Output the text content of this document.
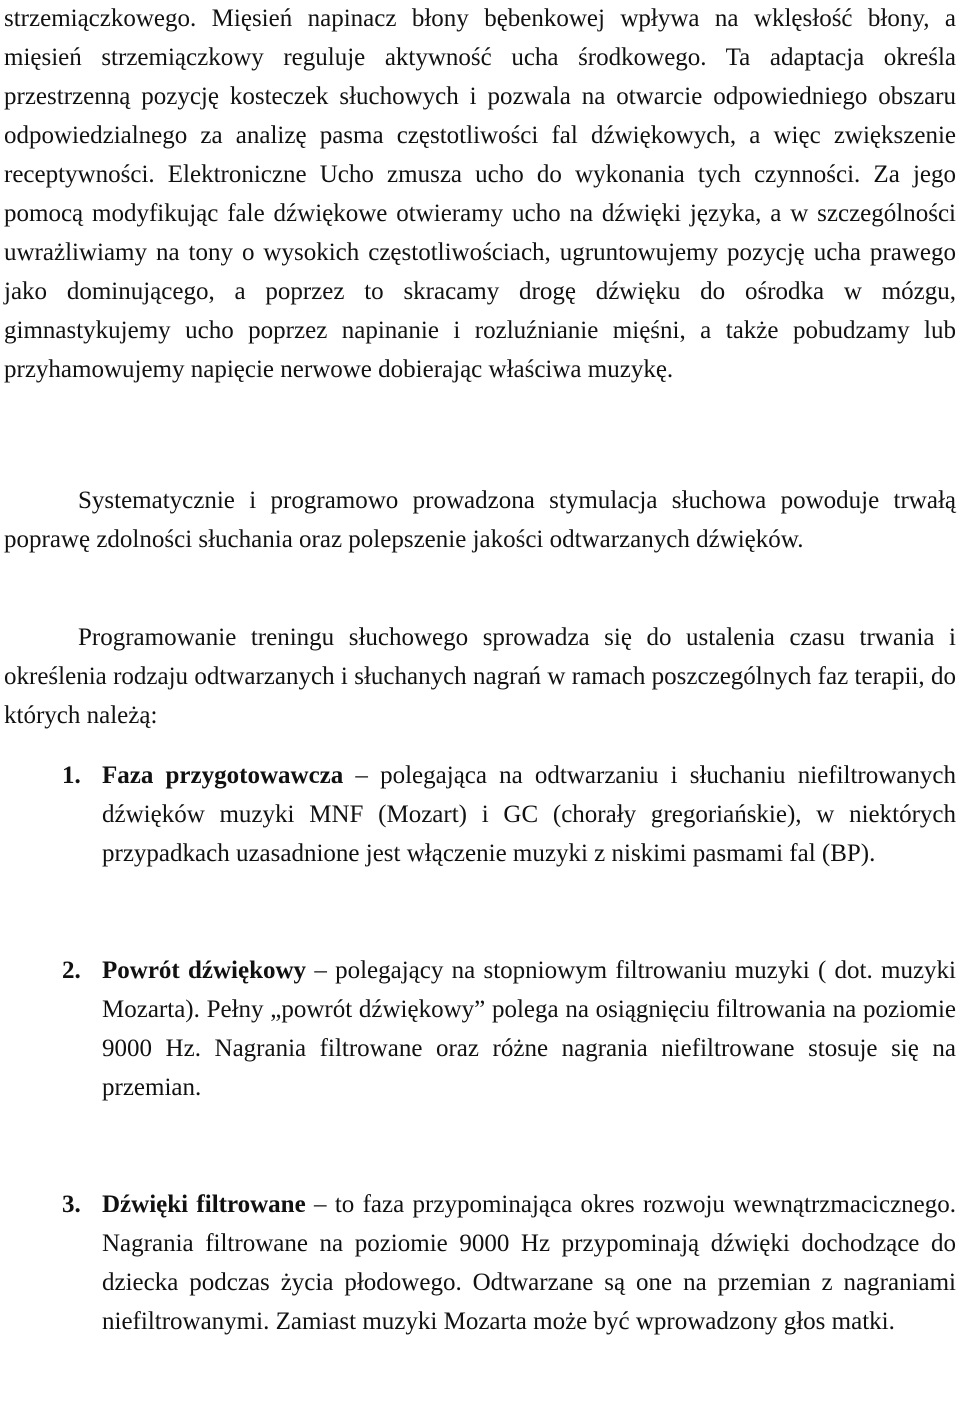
strzemiączkowego. Mięsień napinacz błony bębenkowej wpływa na wklęsłość błony, a mięsień strzemiączkowy reguluje aktywność ucha środkowego. Ta adaptacja określa przestrzenną pozycję kosteczek słuchowych i pozwala na otwarcie odpowiedniego obszaru odpowiedzialnego za analizę pasma częstotliwości fal dźwiękowych, a więc zwiększenie receptywności. Elektroniczne Ucho zmusza ucho do wykonania tych czynności. Za jego pomocą modyfikując fale dźwiękowe otwieramy ucho na dźwięki języka, a w szczególności uwrażliwiamy na tony o wysokich częstotliwościach, ugruntowujemy pozycję ucha prawego jako dominującego, a poprzez to skracamy drogę dźwięku do ośrodka w mózgu, gimnastykujemy ucho poprzez napinanie i rozluźnianie mięśni, a także pobudzamy lub przyhamowujemy napięcie nerwowe dobierając właściwa muzykę.

Systematycznie i programowo prowadzona stymulacja słuchowa powoduje trwałą poprawę zdolności słuchania oraz polepszenie jakości odtwarzanych dźwięków.

Programowanie treningu słuchowego sprowadza się do ustalenia czasu trwania i określenia rodzaju odtwarzanych i słuchanych nagrań w ramach poszczególnych faz terapii, do których należą:

1. Faza przygotowawcza – polegająca na odtwarzaniu i słuchaniu niefiltrowanych dźwięków muzyki MNF (Mozart) i GC (chorały gregoriańskie), w niektórych przypadkach uzasadnione jest włączenie muzyki z niskimi pasmami fal (BP).
2. Powrót dźwiękowy – polegający na stopniowym filtrowaniu muzyki ( dot. muzyki Mozarta). Pełny „powrót dźwiękowy” polega na osiągnięciu filtrowania na poziomie 9000 Hz. Nagrania filtrowane oraz różne nagrania niefiltrowane stosuje się na przemian.
3. Dźwięki filtrowane – to faza przypominająca okres rozwoju wewnątrzmacicznego. Nagrania filtrowane na poziomie 9000 Hz przypominają dźwięki dochodzące do dziecka podczas życia płodowego. Odtwarzane są one na przemian z nagraniami niefiltrowanymi. Zamiast muzyki Mozarta może być wprowadzony głos matki.
